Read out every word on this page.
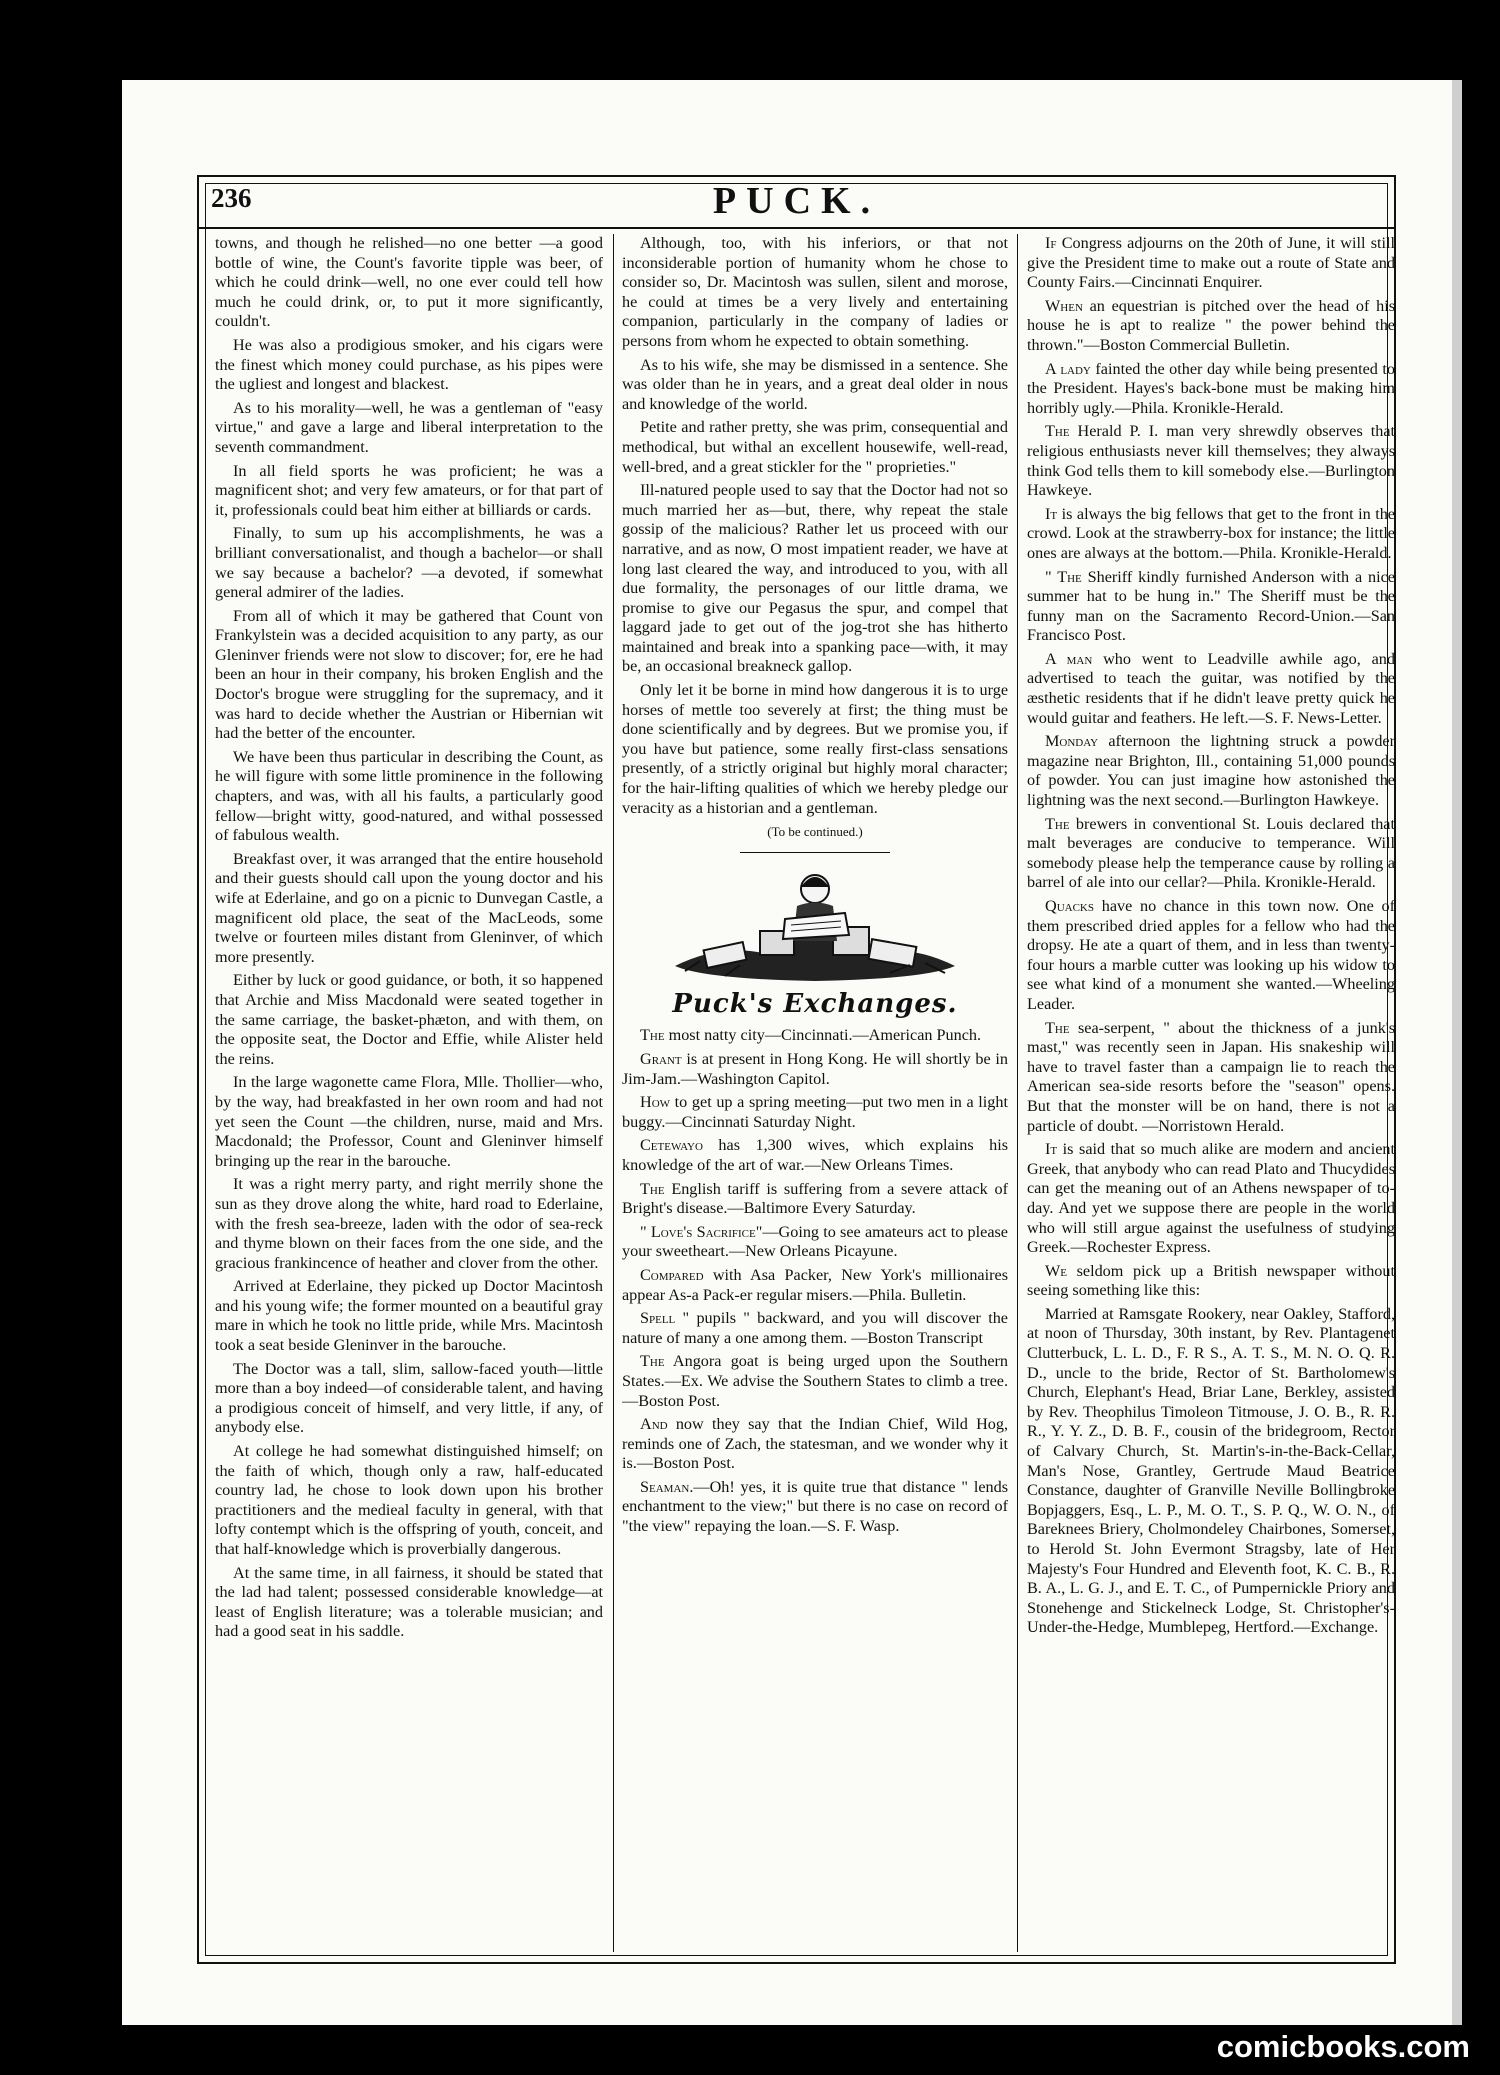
236	PUCK.

towns, and though he relished—no one better —a good bottle of wine, the Count's favorite tipple was beer, of which he could drink—well, no one ever could tell how much he could drink, or, to put it more significantly, couldn't.

He was also a prodigious smoker, and his cigars were the finest which money could purchase, as his pipes were the ugliest and longest and blackest.

As to his morality—well, he was a gentleman of "easy virtue," and gave a large and liberal interpretation to the seventh commandment.

In all field sports he was proficient; he was a magnificent shot; and very few amateurs, or for that part of it, professionals could beat him either at billiards or cards.

Finally, to sum up his accomplishments, he was a brilliant conversationalist, and though a bachelor—or shall we say because a bachelor? —a devoted, if somewhat general admirer of the ladies.

From all of which it may be gathered that Count von Frankylstein was a decided acquisition to any party, as our Gleninver friends were not slow to discover; for, ere he had been an hour in their company, his broken English and the Doctor's brogue were struggling for the supremacy, and it was hard to decide whether the Austrian or Hibernian wit had the better of the encounter.

We have been thus particular in describing the Count, as he will figure with some little prominence in the following chapters, and was, with all his faults, a particularly good fellow—bright witty, good-natured, and withal possessed of fabulous wealth.

Breakfast over, it was arranged that the entire household and their guests should call upon the young doctor and his wife at Ederlaine, and go on a picnic to Dunvegan Castle, a magnificent old place, the seat of the MacLeods, some twelve or fourteen miles distant from Gleninver, of which more presently.

Either by luck or good guidance, or both, it so happened that Archie and Miss Macdonald were seated together in the same carriage, the basket-phæton, and with them, on the opposite seat, the Doctor and Effie, while Alister held the reins.

In the large wagonette came Flora, Mlle. Thollier—who, by the way, had breakfasted in her own room and had not yet seen the Count —the children, nurse, maid and Mrs. Macdonald; the Professor, Count and Gleninver himself bringing up the rear in the barouche.

It was a right merry party, and right merrily shone the sun as they drove along the white, hard road to Ederlaine, with the fresh sea-breeze, laden with the odor of sea-reck and thyme blown on their faces from the one side, and the gracious frankincence of heather and clover from the other.

Arrived at Ederlaine, they picked up Doctor Macintosh and his young wife; the former mounted on a beautiful gray mare in which he took no little pride, while Mrs. Macintosh took a seat beside Gleninver in the barouche.

The Doctor was a tall, slim, sallow-faced youth—little more than a boy indeed—of considerable talent, and having a prodigious conceit of himself, and very little, if any, of anybody else.

At college he had somewhat distinguished himself; on the faith of which, though only a raw, half-educated country lad, he chose to look down upon his brother practitioners and the medieal faculty in general, with that lofty contempt which is the offspring of youth, conceit, and that half-knowledge which is proverbially dangerous.

At the same time, in all fairness, it should be stated that the lad had talent; possessed considerable knowledge—at least of English literature; was a tolerable musician; and had a good seat in his saddle.

Although, too, with his inferiors, or that not inconsiderable portion of humanity whom he chose to consider so, Dr. Macintosh was sullen, silent and morose, he could at times be a very lively and entertaining companion, particularly in the company of ladies or persons from whom he expected to obtain something.

As to his wife, she may be dismissed in a sentence. She was older than he in years, and a great deal older in nous and knowledge of the world.

Petite and rather pretty, she was prim, consequential and methodical, but withal an excellent housewife, well-read, well-bred, and a great stickler for the " proprieties."

Ill-natured people used to say that the Doctor had not so much married her as—but, there, why repeat the stale gossip of the malicious? Rather let us proceed with our narrative, and as now, O most impatient reader, we have at long last cleared the way, and introduced to you, with all due formality, the personages of our little drama, we promise to give our Pegasus the spur, and compel that laggard jade to get out of the jog-trot she has hitherto maintained and break into a spanking pace—with, it may be, an occasional breakneck gallop.

Only let it be borne in mind how dangerous it is to urge horses of mettle too severely at first; the thing must be done scientifically and by degrees. But we promise you, if you have but patience, some really first-class sensations presently, of a strictly original but highly moral character; for the hair-lifting qualities of which we hereby pledge our veracity as a historian and a gentleman.

(To be continued.)

Puck's Exchanges.

The most natty city—Cincinnati.—American Punch.

Grant is at present in Hong Kong. He will shortly be in Jim-Jam.—Washington Capitol.

How to get up a spring meeting—put two men in a light buggy.—Cincinnati Saturday Night.

Cetewayo has 1,300 wives, which explains his knowledge of the art of war.—New Orleans Times.

The English tariff is suffering from a severe attack of Bright's disease.—Baltimore Every Saturday.

" Love's Sacrifice"—Going to see amateurs act to please your sweetheart.—New Orleans Picayune.

Compared with Asa Packer, New York's millionaires appear As-a Pack-er regular misers.—Phila. Bulletin.

Spell " pupils " backward, and you will discover the nature of many a one among them. —Boston Transcript

The Angora goat is being urged upon the Southern States.—Ex. We advise the Southern States to climb a tree.—Boston Post.

And now they say that the Indian Chief, Wild Hog, reminds one of Zach, the statesman, and we wonder why it is.—Boston Post.

Seaman.—Oh! yes, it is quite true that distance " lends enchantment to the view;" but there is no case on record of "the view" repaying the loan.—S. F. Wasp.

If Congress adjourns on the 20th of June, it will still give the President time to make out a route of State and County Fairs.—Cincinnati Enquirer.

When an equestrian is pitched over the head of his house he is apt to realize " the power behind the thrown."—Boston Commercial Bulletin.

A lady fainted the other day while being presented to the President. Hayes's back-bone must be making him horribly ugly.—Phila. Kronikle-Herald.

The Herald P. I. man very shrewdly observes that religious enthusiasts never kill themselves; they always think God tells them to kill somebody else.—Burlington Hawkeye.

It is always the big fellows that get to the front in the crowd. Look at the strawberry-box for instance; the little ones are always at the bottom.—Phila. Kronikle-Herald.

" The Sheriff kindly furnished Anderson with a nice summer hat to be hung in." The Sheriff must be the funny man on the Sacramento Record-Union.—San Francisco Post.

A man who went to Leadville awhile ago, and advertised to teach the guitar, was notified by the æsthetic residents that if he didn't leave pretty quick he would guitar and feathers. He left.—S. F. News-Letter.

Monday afternoon the lightning struck a powder magazine near Brighton, Ill., containing 51,000 pounds of powder. You can just imagine how astonished the lightning was the next second.—Burlington Hawkeye.

The brewers in conventional St. Louis declared that malt beverages are conducive to temperance. Will somebody please help the temperance cause by rolling a barrel of ale into our cellar?—Phila. Kronikle-Herald.

Quacks have no chance in this town now. One of them prescribed dried apples for a fellow who had the dropsy. He ate a quart of them, and in less than twenty-four hours a marble cutter was looking up his widow to see what kind of a monument she wanted.—Wheeling Leader.

The sea-serpent, " about the thickness of a junk's mast," was recently seen in Japan. His snakeship will have to travel faster than a campaign lie to reach the American sea-side resorts before the "season" opens. But that the monster will be on hand, there is not a particle of doubt. —Norristown Herald.

It is said that so much alike are modern and ancient Greek, that anybody who can read Plato and Thucydides can get the meaning out of an Athens newspaper of to-day. And yet we suppose there are people in the world who will still argue against the usefulness of studying Greek.—Rochester Express.

We seldom pick up a British newspaper without seeing something like this:

Married at Ramsgate Rookery, near Oakley, Stafford, at noon of Thursday, 30th instant, by Rev. Plantagenet Clutterbuck, L. L. D., F. R S., A. T. S., M. N. O. Q. R. D., uncle to the bride, Rector of St. Bartholomew's Church, Elephant's Head, Briar Lane, Berkley, assisted by Rev. Theophilus Timoleon Titmouse, J. O. B., R. R. R., Y. Y. Z., D. B. F., cousin of the bridegroom, Rector of Calvary Church, St. Martin's-in-the-Back-Cellar, Man's Nose, Grantley, Gertrude Maud Beatrice Constance, daughter of Granville Neville Bollingbroke Bopjaggers, Esq., L. P., M. O. T., S. P. Q., W. O. N., of Bareknees Briery, Cholmondeley Chairbones, Somerset, to Herold St. John Evermont Stragsby, late of Her Majesty's Four Hundred and Eleventh foot, K. C. B., R. B. A., L. G. J., and E. T. C., of Pumpernickle Priory and Stonehenge and Stickelneck Lodge, St. Christopher's-Under-the-Hedge, Mumblepeg, Hertford.—Exchange.

comicbooks.com
